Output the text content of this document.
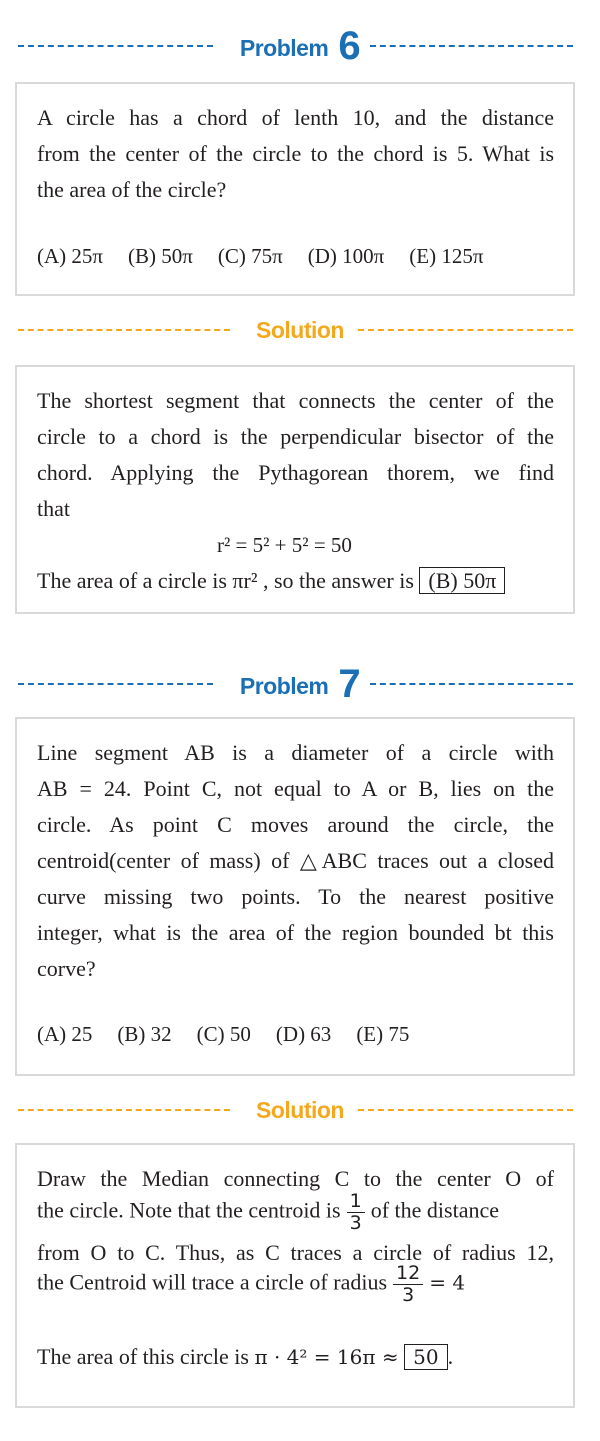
Problem 6
A circle has a chord of lenth 10, and the distance
from the center of the circle to the chord is 5. What is
the area of the circle?
(A) 25π (B) 50π (C) 75π (D) 100π (E) 125π
Solution
The shortest segment that connects the center of the
circle to a chord is the perpendicular bisector of the
chord. Applying the Pythagorean thorem, we find
that
r² = 5² + 5² = 50
The area of a circle is πr² , so the answer is (B) 50π
Problem 7
Line segment AB is a diameter of a circle with
AB = 24. Point C, not equal to A or B, lies on the
circle. As point C moves around the circle, the
centroid(center of mass) of △ABC traces out a closed
curve missing two points. To the nearest positive
integer, what is the area of the region bounded bt this
corve?
(A) 25 (B) 32 (C) 50 (D) 63 (E) 75
Solution
Draw the Median connecting C to the center O of
the circle. Note that the centroid is $\frac{1}{3}$ of the distance
from O to C. Thus, as C traces a circle of radius 12,
the Centroid will trace a circle of radius $\frac{12}{3} = 4$
The area of this circle is π · 4² = 16π ≈ 50 .
